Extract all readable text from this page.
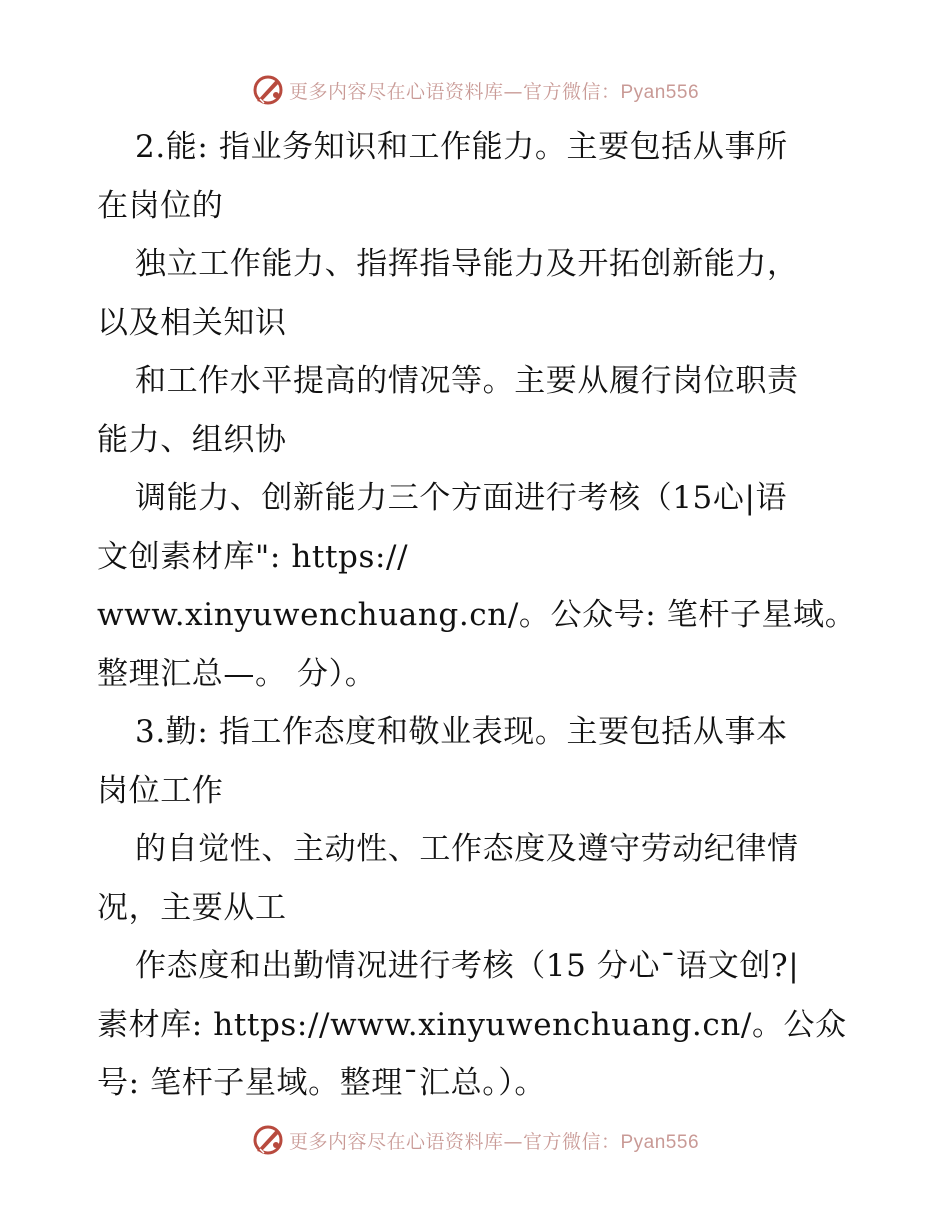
更多内容尽在心语资料库—官方微信：Pyan556
2.能: 指业务知识和工作能力。主要包括从事所
在岗位的
独立工作能力、指挥指导能力及开拓创新能力，
以及相关知识
和工作水平提高的情况等。主要从履行岗位职责
能力、组织协
调能力、创新能力三个方面进行考核（15心|语
文创素材库": https://
www.xinyuwenchuang.cn/。公众号: 笔杆子星域。
整理汇总—。 分）。
3.勤: 指工作态度和敬业表现。主要包括从事本
岗位工作
的自觉性、主动性、工作态度及遵守劳动纪律情
况，主要从工
作态度和出勤情况进行考核（15 分心¯语文创?|
素材库: https://www.xinyuwenchuang.cn/。公众
号: 笔杆子星域。整理¯汇总。）。
更多内容尽在心语资料库—官方微信：Pyan556
